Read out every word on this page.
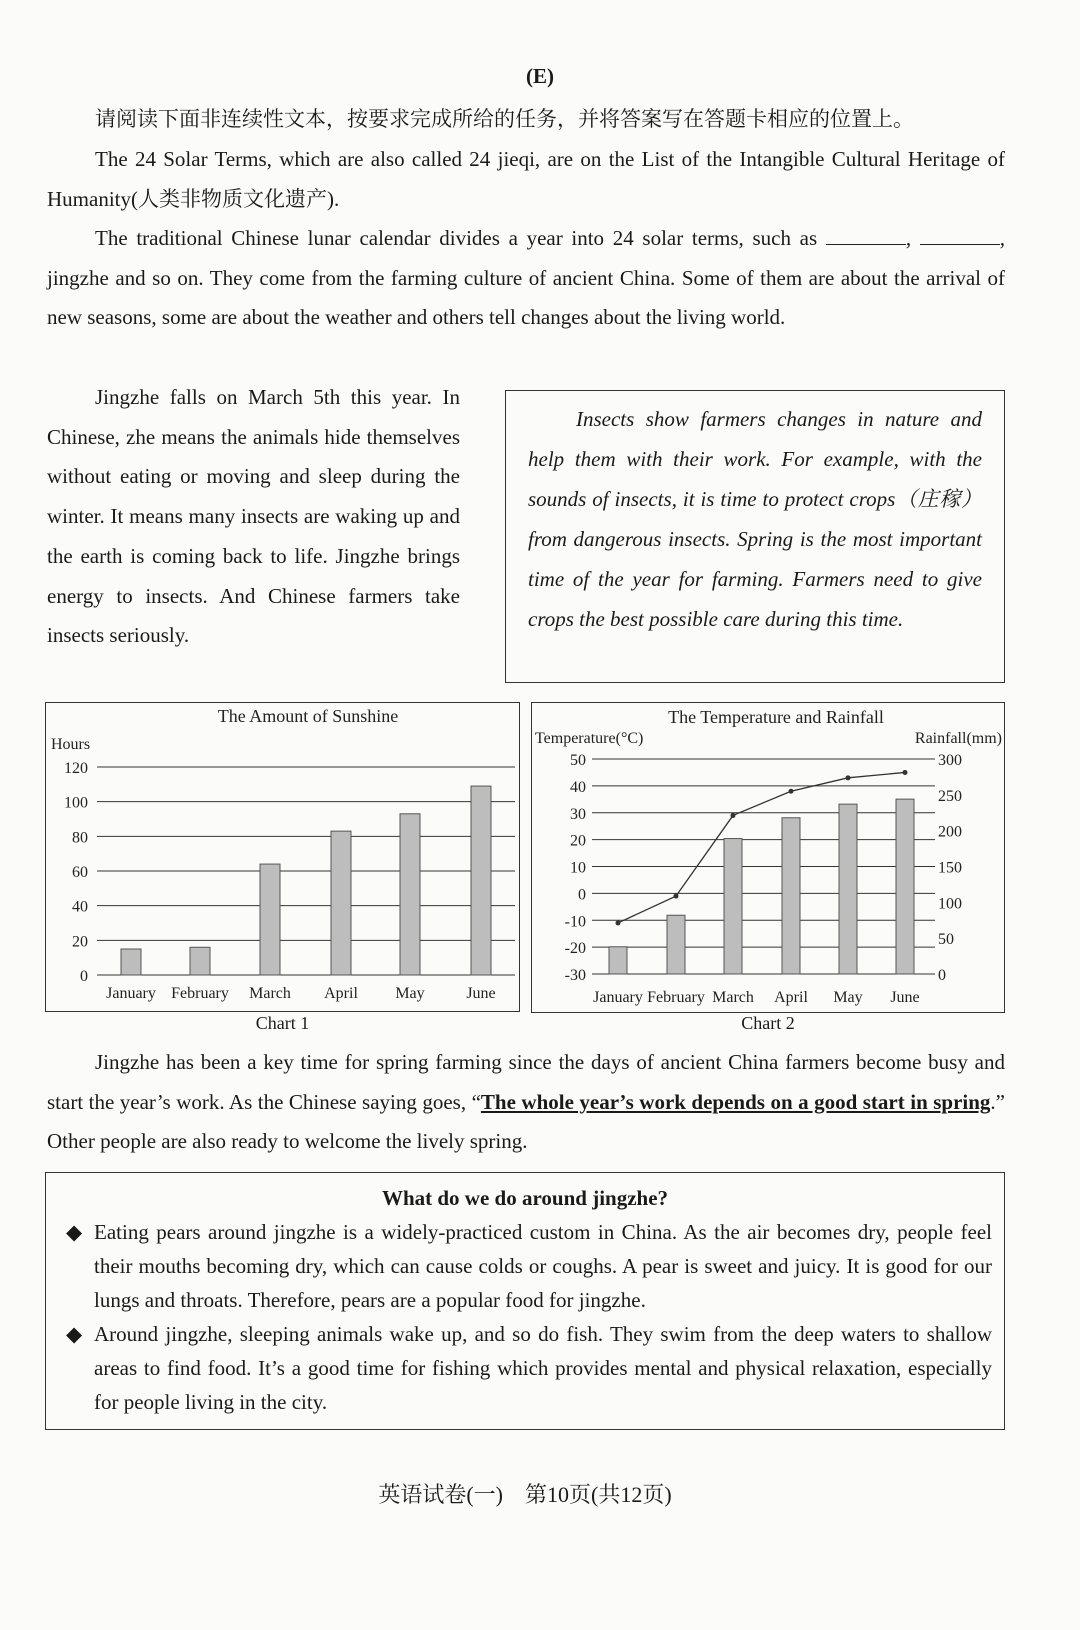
(E)
请阅读下面非连续性文本，按要求完成所给的任务，并将答案写在答题卡相应的位置上。
The 24 Solar Terms, which are also called 24 jieqi, are on the List of the Intangible Cultural Heritage of Humanity(人类非物质文化遗产).
The traditional Chinese lunar calendar divides a year into 24 solar terms, such as	,	, jingzhe and so on. They come from the farming culture of ancient China. Some of them are about the arrival of new seasons, some are about the weather and others tell changes about the living world.
Jingzhe falls on March 5th this year. In Chinese, zhe means the animals hide themselves without eating or moving and sleep during the winter. It means many insects are waking up and the earth is coming back to life. Jingzhe brings energy to insects. And Chinese farmers take insects seriously.
Insects show farmers changes in nature and help them with their work. For example, with the sounds of insects, it is time to protect crops（庄稼）from dangerous insects. Spring is the most important time of the year for farming. Farmers need to give crops the best possible care during this time.
The Amount of Sunshine
Hours
0
20
40
60
80
100
120
January February March April May	June
The Temperature and Rainfall
Temperature(°C)	Rainfall(mm)
-30
-20
-10
0
10
20
30
40
50
0
50
100
150
200
250
300
January February March April May June
Chart 1	Chart 2
Jingzhe has been a key time for spring farming since the days of ancient China farmers become busy and start the year’s work. As the Chinese saying goes, “The whole year’s work depends on a good start in spring.” Other people are also ready to welcome the lively spring.
What do we do around jingzhe?
◆ Eating pears around jingzhe is a widely-practiced custom in China. As the air becomes dry, people feel their mouths becoming dry, which can cause colds or coughs. A pear is sweet and juicy. It is good for our lungs and throats. Therefore, pears are a popular food for jingzhe.
◆ Around jingzhe, sleeping animals wake up, and so do fish. They swim from the deep waters to shallow areas to find food. It’s a good time for fishing which provides mental and physical relaxation, especially for people living in the city.
英语试卷(一)　第10页(共12页)
